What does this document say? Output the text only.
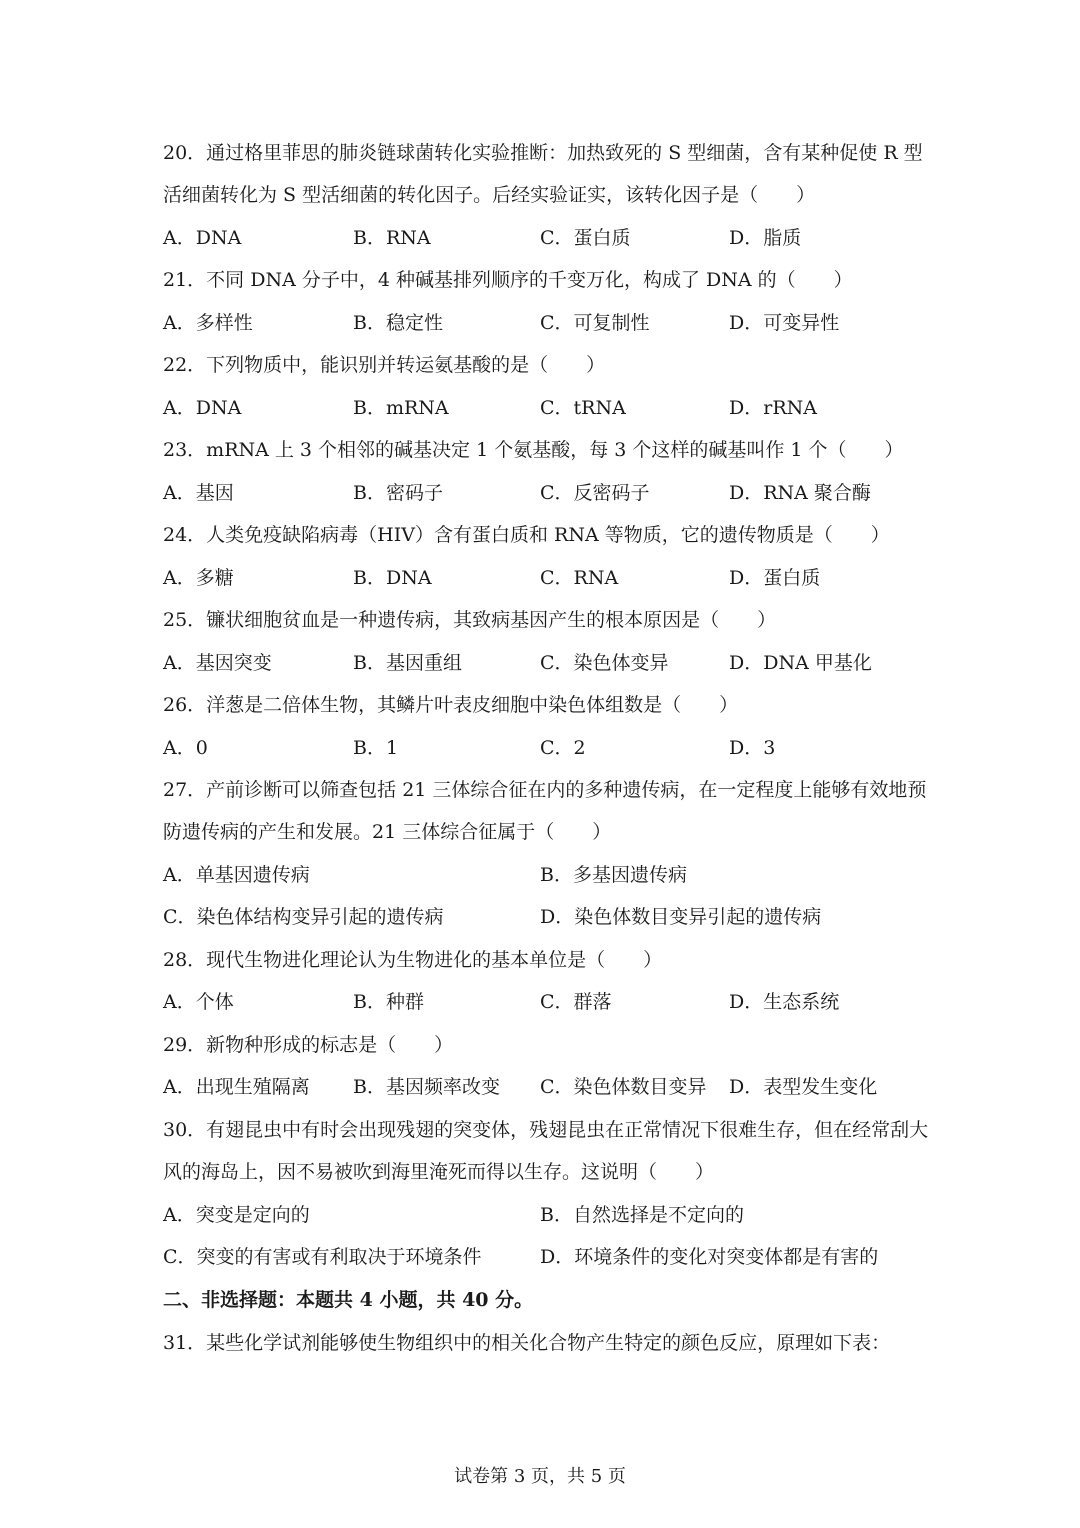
20．通过格里菲思的肺炎链球菌转化实验推断：加热致死的 S 型细菌，含有某种促使 R 型
活细菌转化为 S 型活细菌的转化因子。后经实验证实，该转化因子是（　　）
A．DNA	B．RNA	C．蛋白质	D．脂质
21．不同 DNA 分子中，4 种碱基排列顺序的千变万化，构成了 DNA 的（　　）
A．多样性	B．稳定性	C．可复制性	D．可变异性
22．下列物质中，能识别并转运氨基酸的是（　　）
A．DNA	B．mRNA	C．tRNA	D．rRNA
23．mRNA 上 3 个相邻的碱基决定 1 个氨基酸，每 3 个这样的碱基叫作 1 个（　　）
A．基因	B．密码子	C．反密码子	D．RNA 聚合酶
24．人类免疫缺陷病毒（HIV）含有蛋白质和 RNA 等物质，它的遗传物质是（　　）
A．多糖	B．DNA	C．RNA	D．蛋白质
25．镰状细胞贫血是一种遗传病，其致病基因产生的根本原因是（　　）
A．基因突变	B．基因重组	C．染色体变异	D．DNA 甲基化
26．洋葱是二倍体生物，其鳞片叶表皮细胞中染色体组数是（　　）
A．0	B．1	C．2	D．3
27．产前诊断可以筛查包括 21 三体综合征在内的多种遗传病，在一定程度上能够有效地预
防遗传病的产生和发展。21 三体综合征属于（　　）
A．单基因遗传病	B．多基因遗传病
C．染色体结构变异引起的遗传病	D．染色体数目变异引起的遗传病
28．现代生物进化理论认为生物进化的基本单位是（　　）
A．个体	B．种群	C．群落	D．生态系统
29．新物种形成的标志是（　　）
A．出现生殖隔离 B．基因频率改变 C．染色体数目变异 D．表型发生变化
30．有翅昆虫中有时会出现残翅的突变体，残翅昆虫在正常情况下很难生存，但在经常刮大
风的海岛上，因不易被吹到海里淹死而得以生存。这说明（　　）
A．突变是定向的	B．自然选择是不定向的
C．突变的有害或有利取决于环境条件	D．环境条件的变化对突变体都是有害的
二、非选择题：本题共 4 小题，共 40 分。
31．某些化学试剂能够使生物组织中的相关化合物产生特定的颜色反应，原理如下表：
试卷第 3 页，共 5 页
